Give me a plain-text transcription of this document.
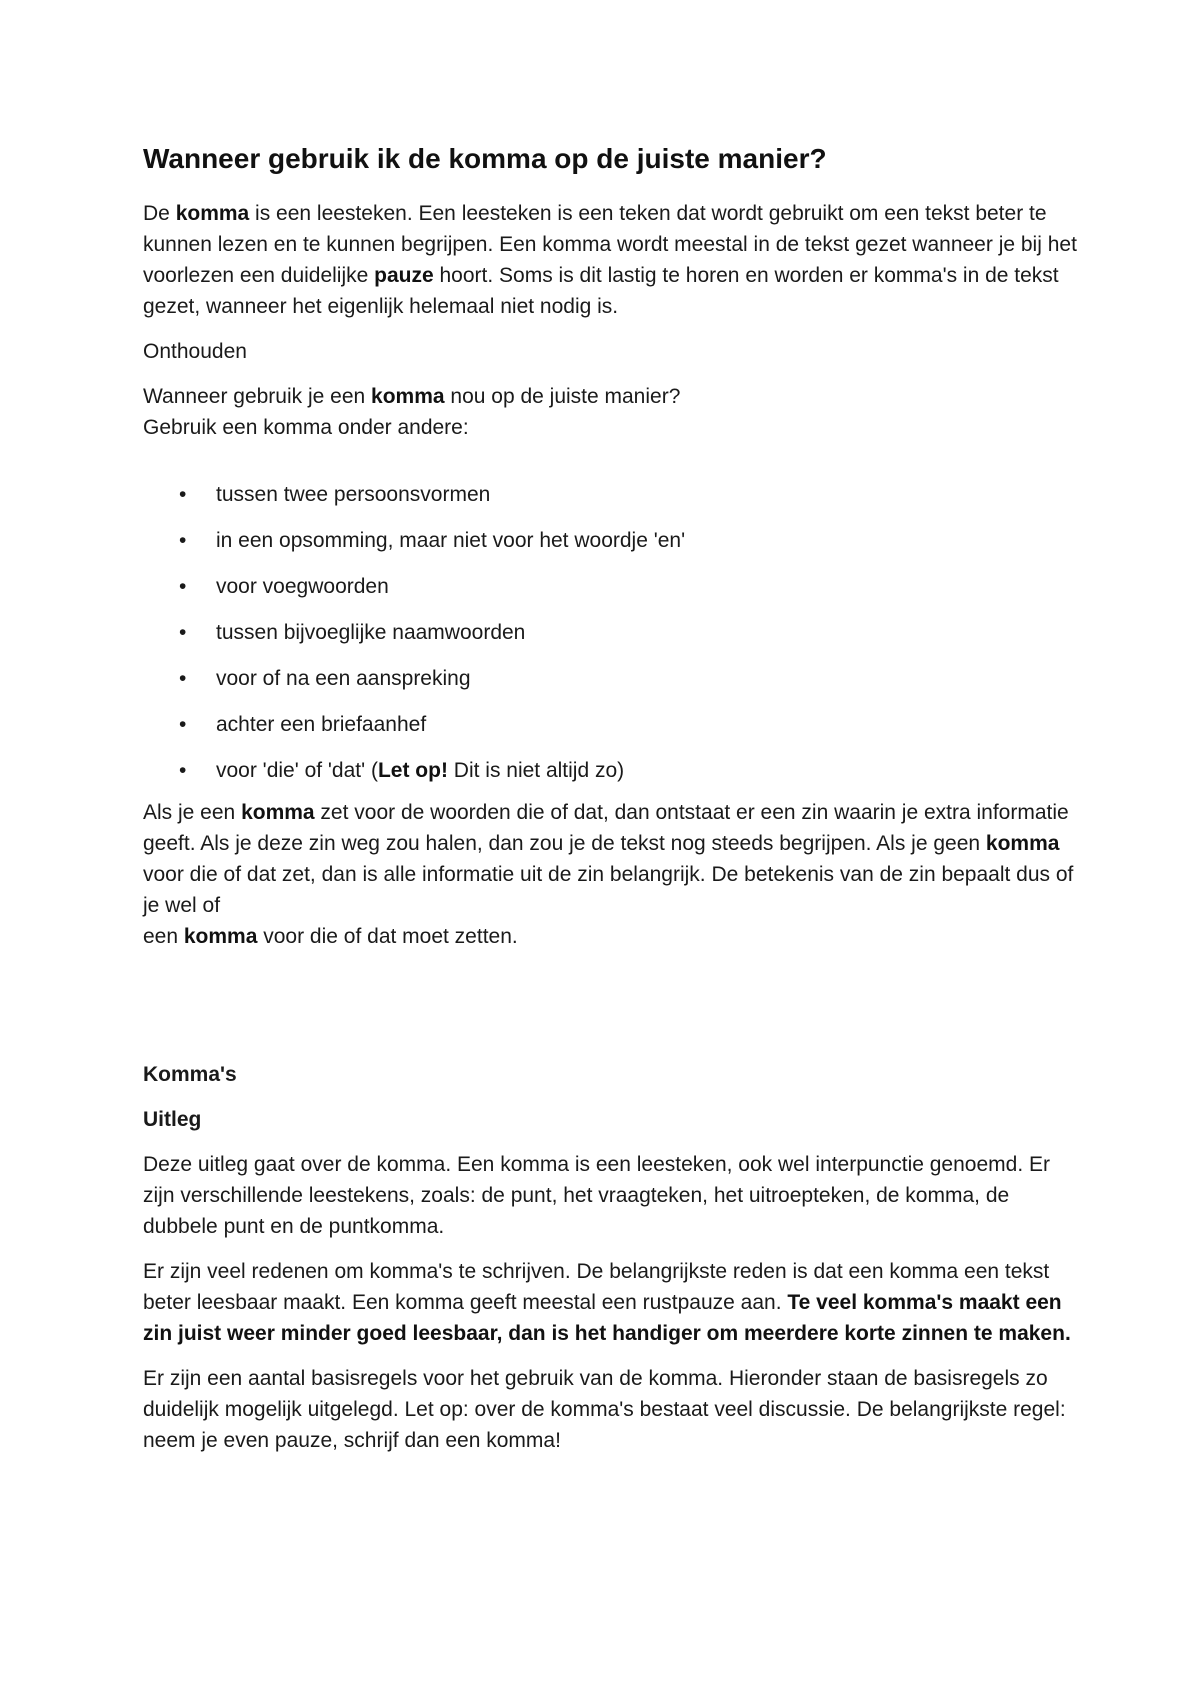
Wanneer gebruik ik de komma op de juiste manier?

De komma is een leesteken. Een leesteken is een teken dat wordt gebruikt om een tekst beter te kunnen lezen en te kunnen begrijpen. Een komma wordt meestal in de tekst gezet wanneer je bij het voorlezen een duidelijke pauze hoort. Soms is dit lastig te horen en worden er komma's in de tekst gezet, wanneer het eigenlijk helemaal niet nodig is.

Onthouden

Wanneer gebruik je een komma nou op de juiste manier?
Gebruik een komma onder andere:

• tussen twee persoonsvormen
• in een opsomming, maar niet voor het woordje 'en'
• voor voegwoorden
• tussen bijvoeglijke naamwoorden
• voor of na een aanspreking
• achter een briefaanhef
• voor 'die' of 'dat' (Let op! Dit is niet altijd zo)

Als je een komma zet voor de woorden die of dat, dan ontstaat er een zin waarin je extra informatie geeft. Als je deze zin weg zou halen, dan zou je de tekst nog steeds begrijpen. Als je geen komma voor die of dat zet, dan is alle informatie uit de zin belangrijk. De betekenis van de zin bepaalt dus of je wel of
een komma voor die of dat moet zetten.

Komma's
Uitleg

Deze uitleg gaat over de komma. Een komma is een leesteken, ook wel interpunctie genoemd. Er zijn verschillende leestekens, zoals: de punt, het vraagteken, het uitroepteken, de komma, de dubbele punt en de puntkomma.

Er zijn veel redenen om komma's te schrijven. De belangrijkste reden is dat een komma een tekst beter leesbaar maakt. Een komma geeft meestal een rustpauze aan. Te veel komma's maakt een zin juist weer minder goed leesbaar, dan is het handiger om meerdere korte zinnen te maken.

Er zijn een aantal basisregels voor het gebruik van de komma. Hieronder staan de basisregels zo duidelijk mogelijk uitgelegd. Let op: over de komma's bestaat veel discussie. De belangrijkste regel: neem je even pauze, schrijf dan een komma!
